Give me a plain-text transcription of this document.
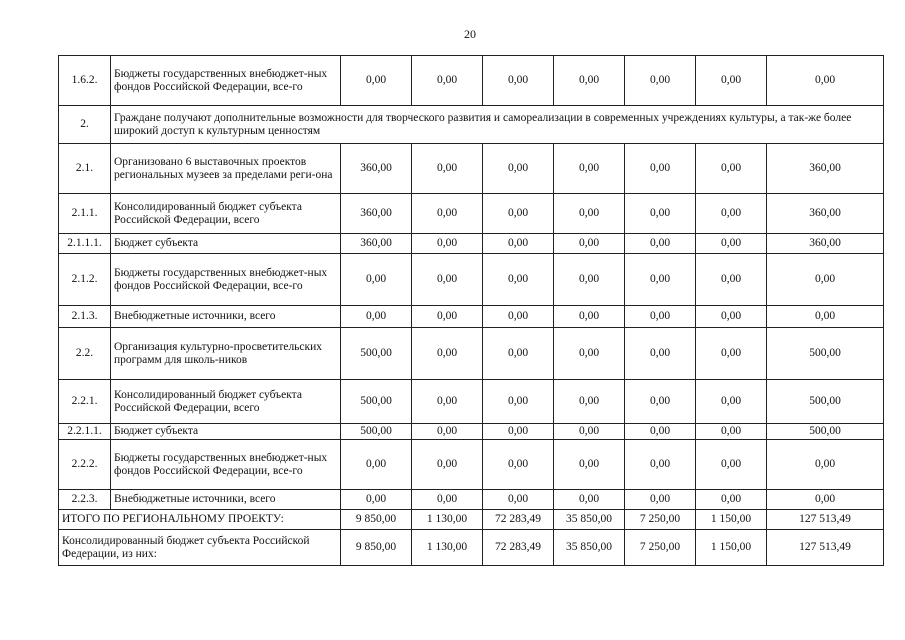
20
1.6.2.	Бюджеты государственных внебюджет-ных фондов Российской Федерации, все-го	0,00	0,00	0,00	0,00	0,00	0,00	0,00
2.	Граждане получают дополнительные возможности для творческого развития и самореализации в современных учреждениях культуры, а так-же более широкий доступ к культурным ценностям							
2.1.	Организовано 6 выставочных проектов региональных музеев за пределами реги-она	360,00	0,00	0,00	0,00	0,00	0,00	360,00
2.1.1.	Консолидированный бюджет субъекта Российской Федерации, всего	360,00	0,00	0,00	0,00	0,00	0,00	360,00
2.1.1.1.	Бюджет субъекта	360,00	0,00	0,00	0,00	0,00	0,00	360,00
2.1.2.	Бюджеты государственных внебюджет-ных фондов Российской Федерации, все-го	0,00	0,00	0,00	0,00	0,00	0,00	0,00
2.1.3.	Внебюджетные источники, всего	0,00	0,00	0,00	0,00	0,00	0,00	0,00
2.2.	Организация культурно-просветительских программ для школь-ников	500,00	0,00	0,00	0,00	0,00	0,00	500,00
2.2.1.	Консолидированный бюджет субъекта Российской Федерации, всего	500,00	0,00	0,00	0,00	0,00	0,00	500,00
2.2.1.1.	Бюджет субъекта	500,00	0,00	0,00	0,00	0,00	0,00	500,00
2.2.2.	Бюджеты государственных внебюджет-ных фондов Российской Федерации, все-го	0,00	0,00	0,00	0,00	0,00	0,00	0,00
2.2.3.	Внебюджетные источники, всего	0,00	0,00	0,00	0,00	0,00	0,00	0,00
ИТОГО ПО РЕГИОНАЛЬНОМУ ПРОЕКТУ:		9 850,00	1 130,00	72 283,49	35 850,00	7 250,00	1 150,00	127 513,49
Консолидированный бюджет субъекта Российской Федерации, из них:		9 850,00	1 130,00	72 283,49	35 850,00	7 250,00	1 150,00	127 513,49
